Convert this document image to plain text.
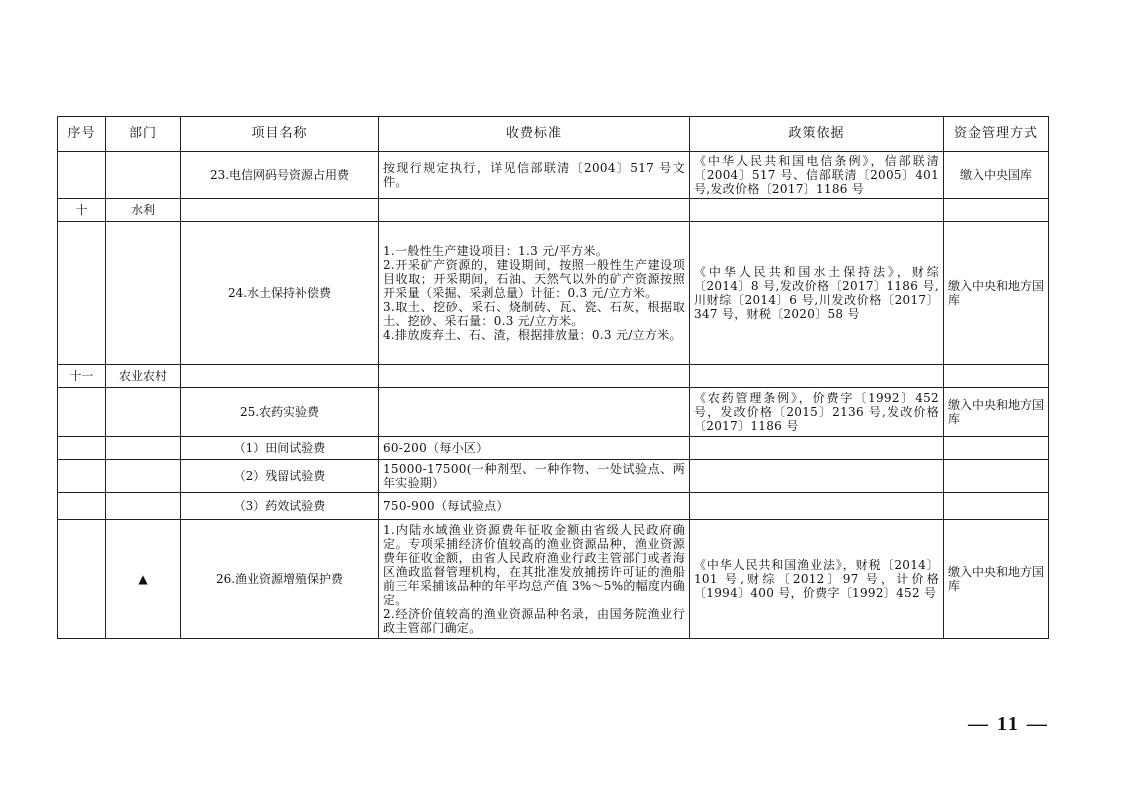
序号	部门	项目名称	收费标准	政策依据	资金管理方式
		23.电信网码号资源占用费	按现行规定执行，详见信部联清〔2004〕517 号文件。	《中华人民共和国电信条例》，信部联清〔2004〕517 号、信部联清〔2005〕401 号,发改价格〔2017〕1186 号	缴入中央国库
十	水利				
		24.水土保持补偿费	1.一般性生产建设项目：1.3 元/平方米。
2.开采矿产资源的，建设期间，按照一般性生产建设项目收取；开采期间，石油、天然气以外的矿产资源按照开采量（采掘、采剥总量）计征：0.3 元/立方米。
3.取土、挖砂、采石、烧制砖、瓦、瓷、石灰，根据取土、挖砂、采石量：0.3 元/立方米。
4.排放废弃土、石、渣，根据排放量：0.3 元/立方米。	《中华人民共和国水土保持法》，财综〔2014〕8 号,发改价格〔2017〕1186 号,川财综〔2014〕6 号,川发改价格〔2017〕347 号，财税〔2020〕58 号	缴入中央和地方国库
十一	农业农村				
		25.农药实验费		《农药管理条例》，价费字〔1992〕452 号，发改价格〔2015〕2136 号,发改价格〔2017〕1186 号	缴入中央和地方国库
		（1）田间试验费	60-200（每小区）		
		（2）残留试验费	15000-17500(一种剂型、一种作物、一处试验点、两年实验期）		
		（3）药效试验费	750-900（每试验点）		
	▲	26.渔业资源增殖保护费	1.内陆水域渔业资源费年征收金额由省级人民政府确定。专项采捕经济价值较高的渔业资源品种，渔业资源费年征收金额，由省人民政府渔业行政主管部门或者海区渔政监督管理机构，在其批准发放捕捞许可证的渔船前三年采捕该品种的年平均总产值 3%～5%的幅度内确定。
2.经济价值较高的渔业资源品种名录，由国务院渔业行政主管部门确定。	《中华人民共和国渔业法》，财税〔2014〕101 号,财综〔2012〕97 号，计价格〔1994〕400 号，价费字〔1992〕452 号	缴入中央和地方国库
— 11 —
